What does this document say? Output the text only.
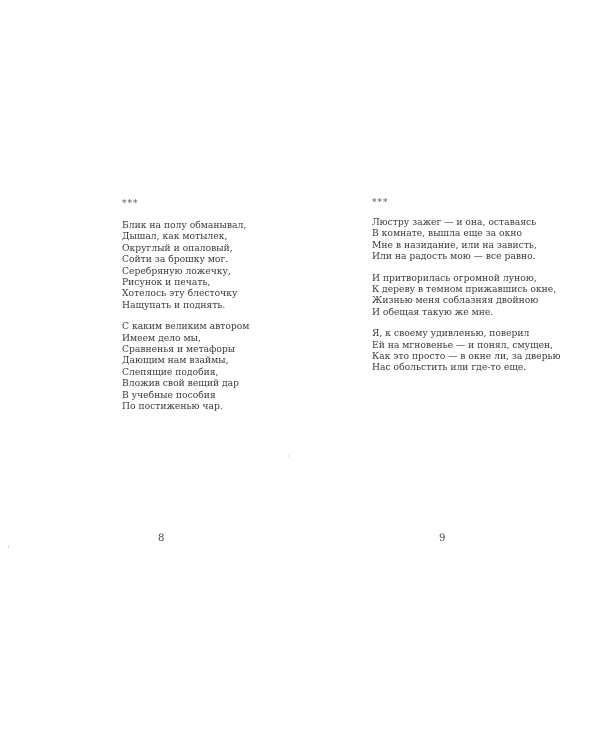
***
Блик на полу обманывал,
Дышал, как мотылек,
Округлый и опаловый,
Сойти за брошку мог.
Серебряную ложечку,
Рисунок и печать,
Хотелось эту блесточку
Нащупать и поднять.
С каким великим автором
Имеем дело мы,
Сравненья и метафоры
Дающим нам взаймы,
Слепящие подобия,
Вложив свой вещий дар
В учебные пособия
По постиженью чар.
8
***
Люстру зажег — и она, оставаясь
В комнате, вышла еще за окно
Мне в назидание, или на зависть,
Или на радость мою — все равно.
И притворилась огромной луною,
К дереву в темном прижавшись окне,
Жизнью меня соблазняя двойною
И обещая такую же мне.
Я, к своему удивленью, поверил
Ей на мгновенье — и понял, смущен,
Как это просто — в окне ли, за дверью
Нас обольстить или где-то еще.
9
